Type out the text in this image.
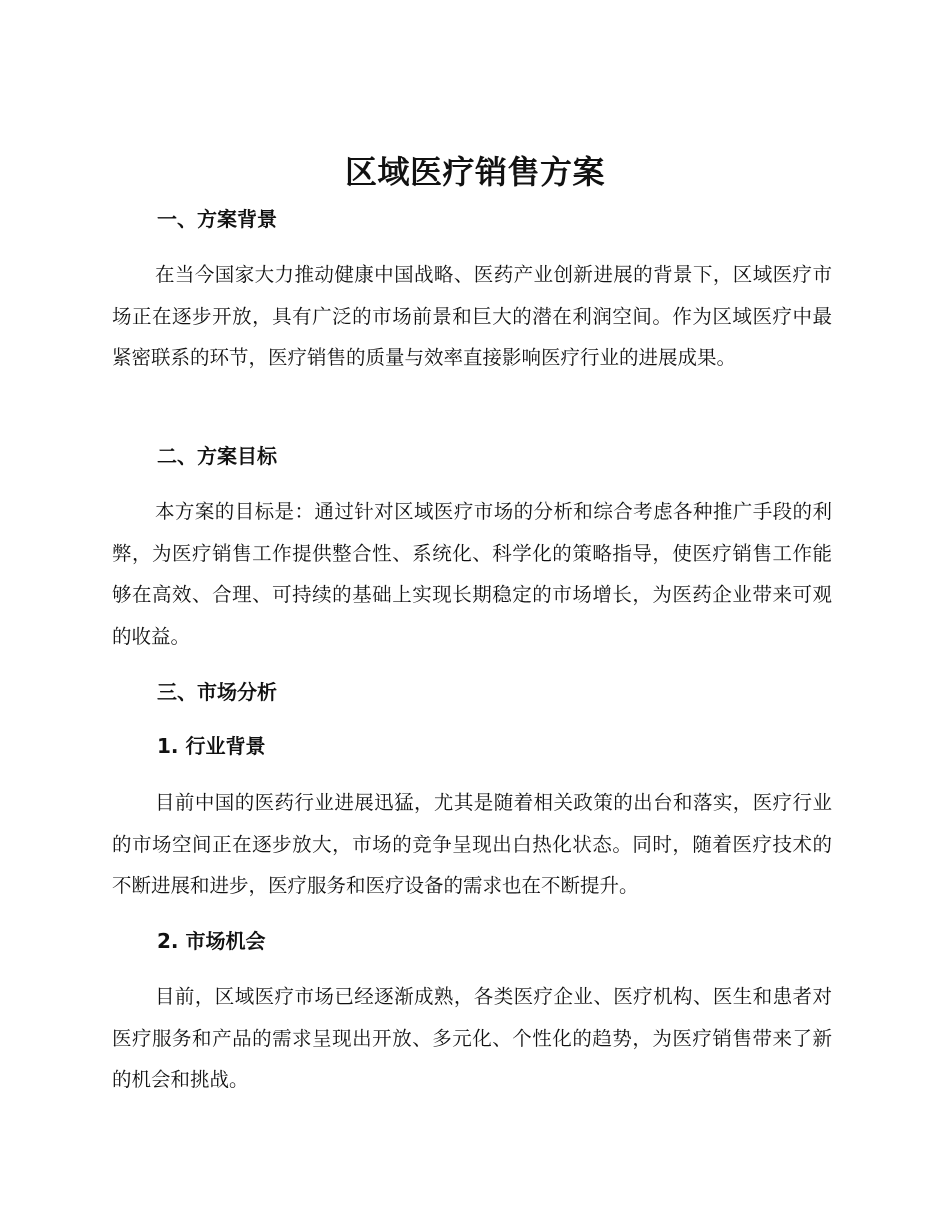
区域医疗销售方案
一、方案背景

在当今国家大力推动健康中国战略、医药产业创新进展的背景下，区域医疗市场正在逐步开放，具有广泛的市场前景和巨大的潜在利润空间。作为区域医疗中最紧密联系的环节，医疗销售的质量与效率直接影响医疗行业的进展成果。

二、方案目标

本方案的目标是：通过针对区域医疗市场的分析和综合考虑各种推广手段的利弊，为医疗销售工作提供整合性、系统化、科学化的策略指导，使医疗销售工作能够在高效、合理、可持续的基础上实现长期稳定的市场增长，为医药企业带来可观的收益。

三、市场分析
1. 行业背景

目前中国的医药行业进展迅猛，尤其是随着相关政策的出台和落实，医疗行业的市场空间正在逐步放大，市场的竞争呈现出白热化状态。同时，随着医疗技术的不断进展和进步，医疗服务和医疗设备的需求也在不断提升。

2. 市场机会

目前，区域医疗市场已经逐渐成熟，各类医疗企业、医疗机构、医生和患者对医疗服务和产品的需求呈现出开放、多元化、个性化的趋势，为医疗销售带来了新的机会和挑战。
